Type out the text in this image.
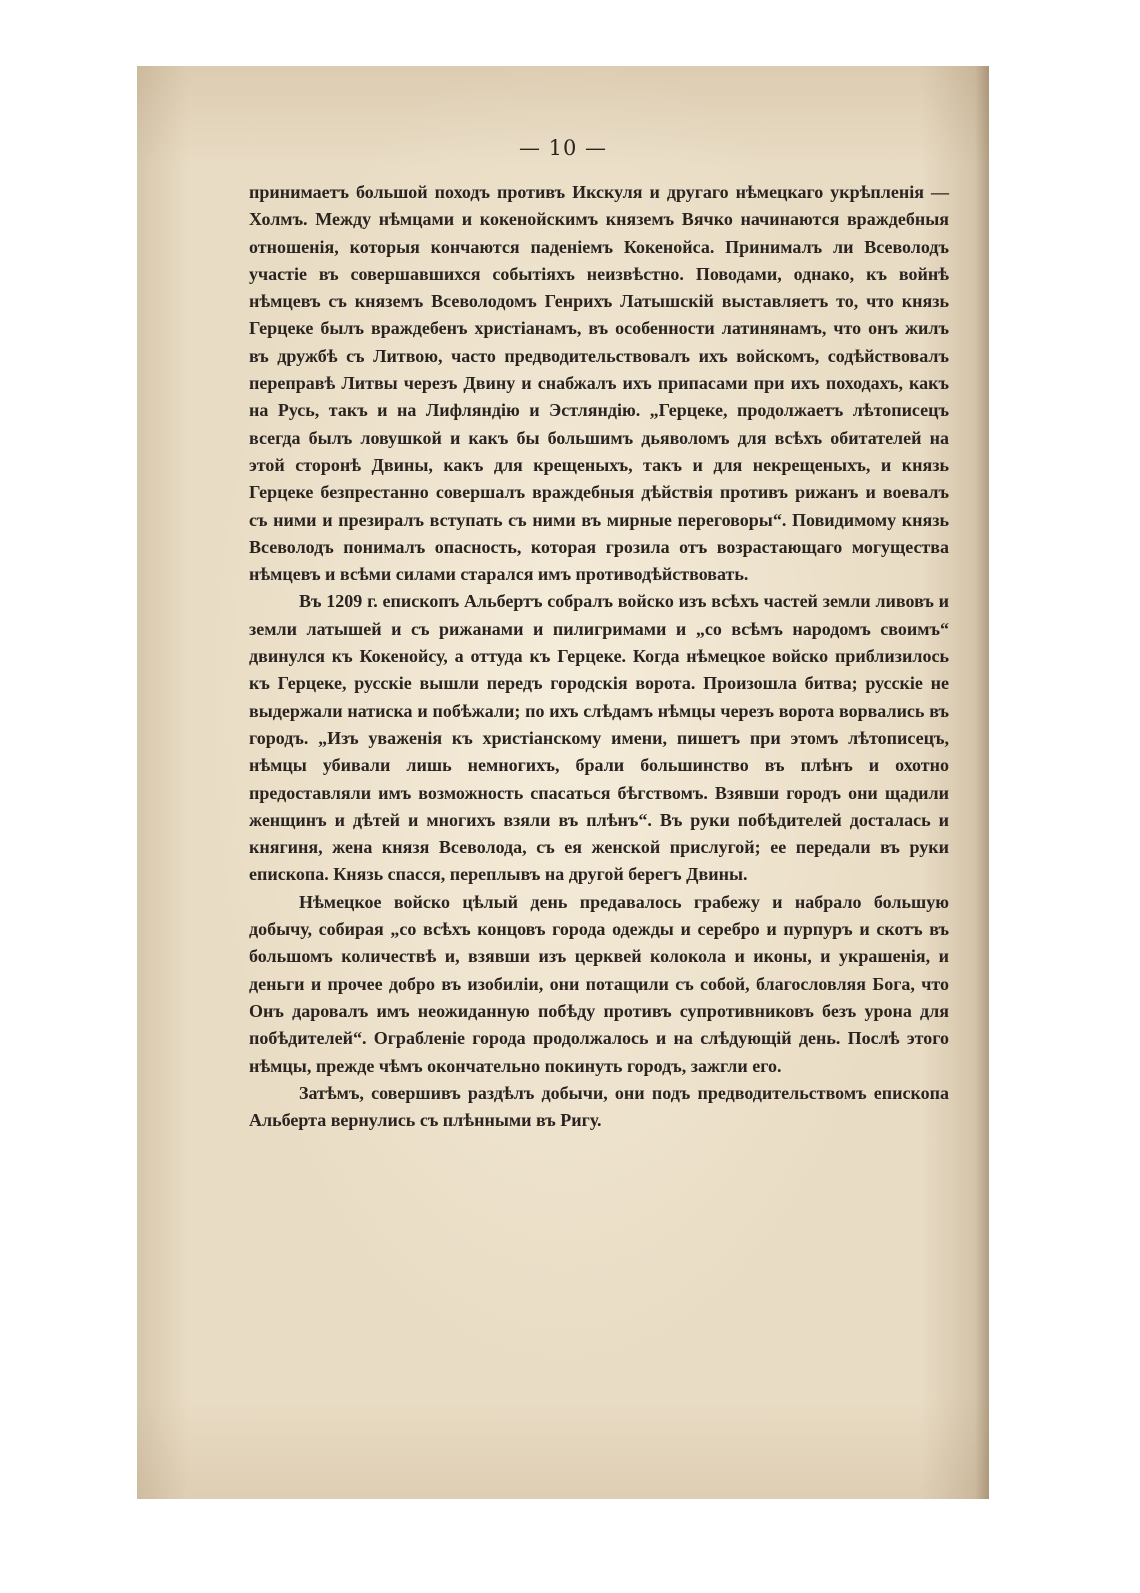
— 10 —

принимаетъ большой походъ противъ Икскуля и другаго нѣмецкаго укрѣпленія — Холмъ. Между нѣмцами и кокенойскимъ княземъ Вячко начинаются враждебныя отношенія, которыя кончаются паденіемъ Кокенойса. Принималъ ли Всеволодъ участіе въ совершавшихся событіяхъ неизвѣстно. Поводами, однако, къ войнѣ нѣмцевъ съ княземъ Всеволодомъ Генрихъ Латышскій выставляетъ то, что князь Герцеке былъ враждебенъ христіанамъ, въ особенности латинянамъ, что онъ жилъ въ дружбѣ съ Литвою, часто предводительствовалъ ихъ войскомъ, содѣйствовалъ переправѣ Литвы черезъ Двину и снабжалъ ихъ припасами при ихъ походахъ, какъ на Русь, такъ и на Лифляндію и Эстляндію. „Герцеке, продолжаетъ лѣтописецъ всегда былъ ловушкой и какъ бы большимъ дьяволомъ для всѣхъ обитателей на этой сторонѣ Двины, какъ для крещеныхъ, такъ и для некрещеныхъ, и князь Герцеке безпрестанно совершалъ враждебныя дѣйствія противъ рижанъ и воевалъ съ ними и презиралъ вступать съ ними въ мирные переговоры“. Повидимому князь Всеволодъ понималъ опасность, которая грозила отъ возрастающаго могущества нѣмцевъ и всѣми силами старался имъ противодѣйствовать.

Въ 1209 г. епископъ Альбертъ собралъ войско изъ всѣхъ частей земли ливовъ и земли латышей и съ рижанами и пилигримами и „со всѣмъ народомъ своимъ“ двинулся къ Кокенойсу, а оттуда къ Герцеке. Когда нѣмецкое войско приблизилось къ Герцеке, русскіе вышли передъ городскія ворота. Произошла битва; русскіе не выдержали натиска и побѣжали; по ихъ слѣдамъ нѣмцы черезъ ворота ворвались въ городъ. „Изъ уваженія къ христіанскому имени, пишетъ при этомъ лѣтописецъ, нѣмцы убивали лишь немногихъ, брали большинство въ плѣнъ и охотно предоставляли имъ возможность спасаться бѣгствомъ. Взявши городъ они щадили женщинъ и дѣтей и многихъ взяли въ плѣнъ“. Въ руки побѣдителей досталась и княгиня, жена князя Всеволода, съ ея женской прислугой; ее передали въ руки епископа. Князь спасся, переплывъ на другой берегъ Двины.

Нѣмецкое войско цѣлый день предавалось грабежу и набрало большую добычу, собирая „со всѣхъ концовъ города одежды и серебро и пурпуръ и скотъ въ большомъ количествѣ и, взявши изъ церквей колокола и иконы, и украшенія, и деньги и прочее добро въ изобиліи, они потащили съ собой, благословляя Бога, что Онъ даровалъ имъ неожиданную побѣду противъ супротивниковъ безъ урона для побѣдителей“. Ограбленіе города продолжалось и на слѣдующій день. Послѣ этого нѣмцы, прежде чѣмъ окончательно покинуть городъ, зажгли его.

Затѣмъ, совершивъ раздѣлъ добычи, они подъ предводительствомъ епископа Альберта вернулись съ плѣнными въ Ригу.
